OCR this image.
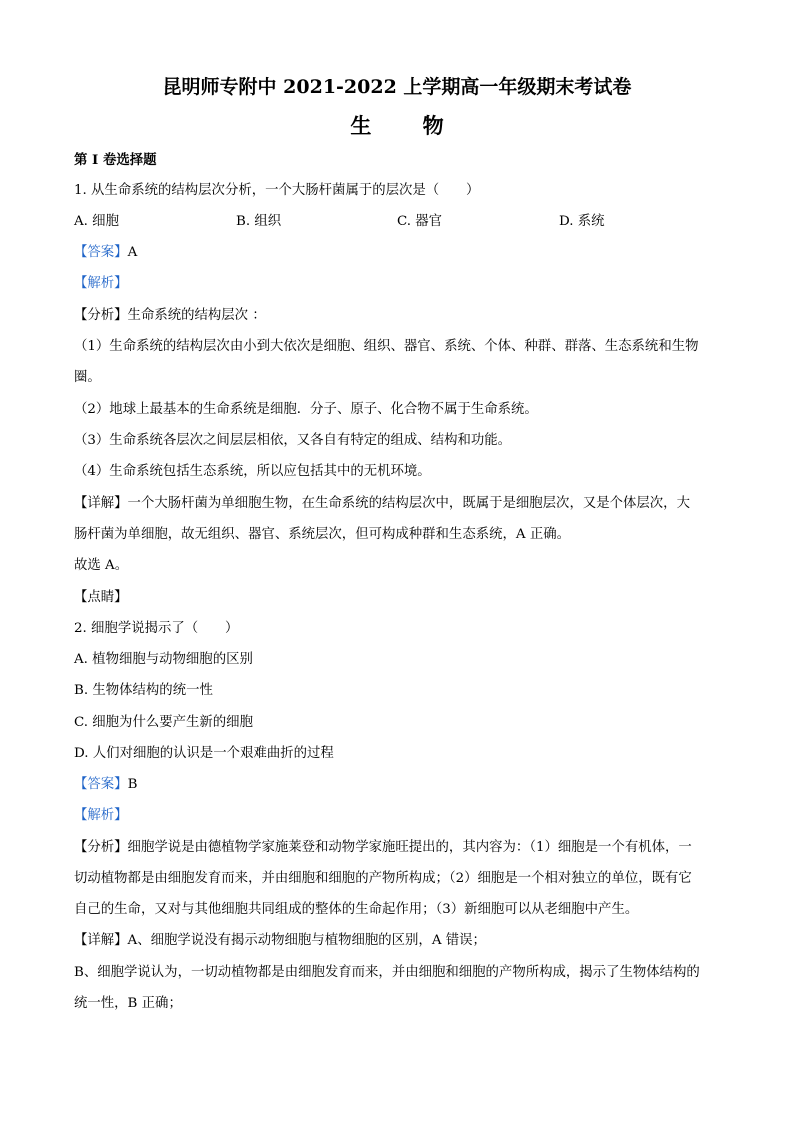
昆明师专附中 2021-2022 上学期高一年级期末考试卷
生 物
第 I 卷选择题
1. 从生命系统的结构层次分析，一个大肠杆菌属于的层次是（　　）
A. 细胞	B. 组织	C. 器官	D. 系统
【答案】A
【解析】
【分析】生命系统的结构层次 ：
（1）生命系统的结构层次由小到大依次是细胞、组织、器官、系统、个体、种群、群落、生态系统和生物
圈。
（2）地球上最基本的生命系统是细胞．分子、原子、化合物不属于生命系统。
（3）生命系统各层次之间层层相依，又各自有特定的组成、结构和功能。
（4）生命系统包括生态系统，所以应包括其中的无机环境。
【详解】一个大肠杆菌为单细胞生物，在生命系统的结构层次中，既属于是细胞层次，又是个体层次，大
肠杆菌为单细胞，故无组织、器官、系统层次，但可构成种群和生态系统，A 正确。
故选 A。
【点睛】
2. 细胞学说揭示了（　　）
A. 植物细胞与动物细胞的区别
B. 生物体结构的统一性
C. 细胞为什么要产生新的细胞
D. 人们对细胞的认识是一个艰难曲折的过程
【答案】B
【解析】
【分析】细胞学说是由德植物学家施莱登和动物学家施旺提出的，其内容为：（1）细胞是一个有机体，一
切动植物都是由细胞发育而来，并由细胞和细胞的产物所构成；（2）细胞是一个相对独立的单位，既有它
自己的生命，又对与其他细胞共同组成的整体的生命起作用；（3）新细胞可以从老细胞中产生。
【详解】A、细胞学说没有揭示动物细胞与植物细胞的区别，A 错误；
B、细胞学说认为，一切动植物都是由细胞发育而来，并由细胞和细胞的产物所构成，揭示了生物体结构的
统一性，B 正确；
